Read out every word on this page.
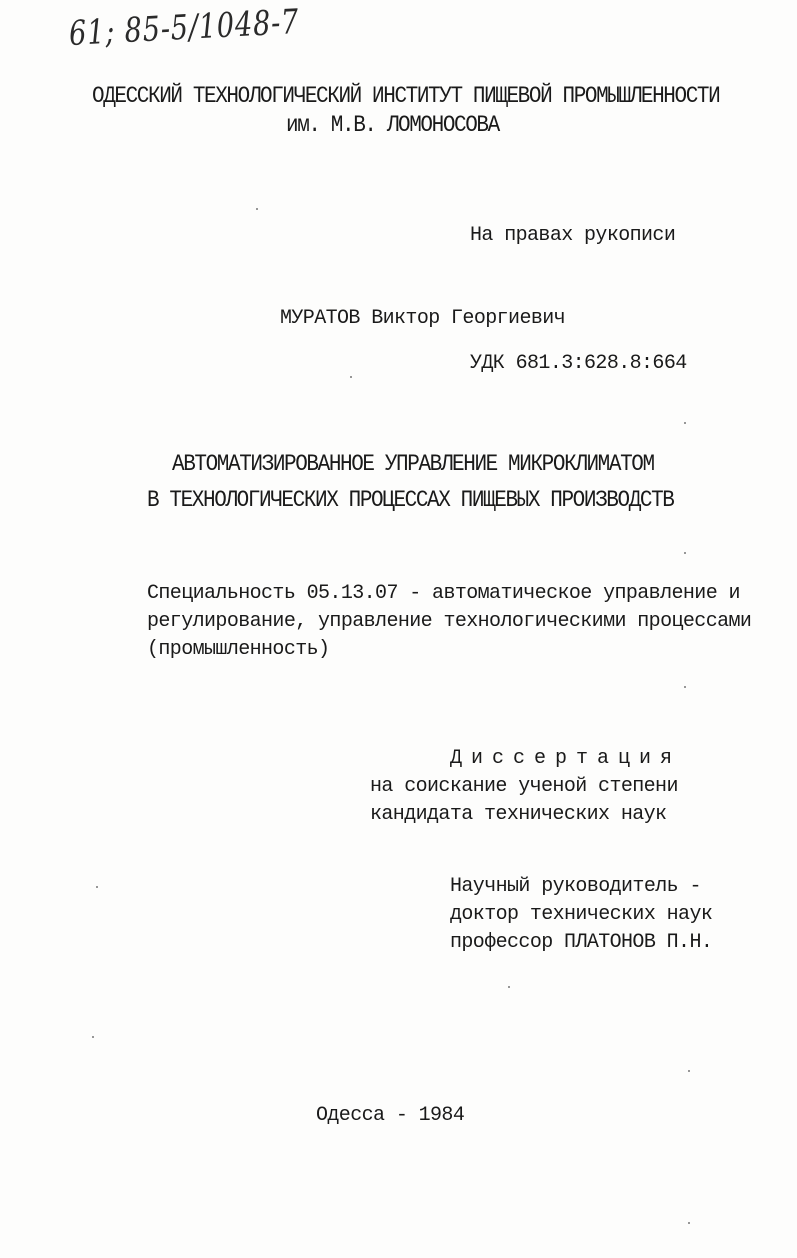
61; 85-5/1048-7
ОДЕССКИЙ ТЕХНОЛОГИЧЕСКИЙ ИНСТИТУТ ПИЩЕВОЙ ПРОМЫШЛЕННОСТИ
им. М.В. ЛОМОНОСОВА
На правах рукописи
МУРАТОВ Виктор Георгиевич
УДК 681.3:628.8:664
АВТОМАТИЗИРОВАННОЕ УПРАВЛЕНИЕ МИКРОКЛИМАТОМ
В ТЕХНОЛОГИЧЕСКИХ ПРОЦЕССАХ ПИЩЕВЫХ ПРОИЗВОДСТВ
Специальность 05.13.07 - автоматическое управление и
регулирование, управление технологическими процессами
(промышленность)
Диссертация
на соискание ученой степени
кандидата технических наук
Научный руководитель -
доктор технических наук
профессор ПЛАТОНОВ П.Н.
Одесса - 1984
